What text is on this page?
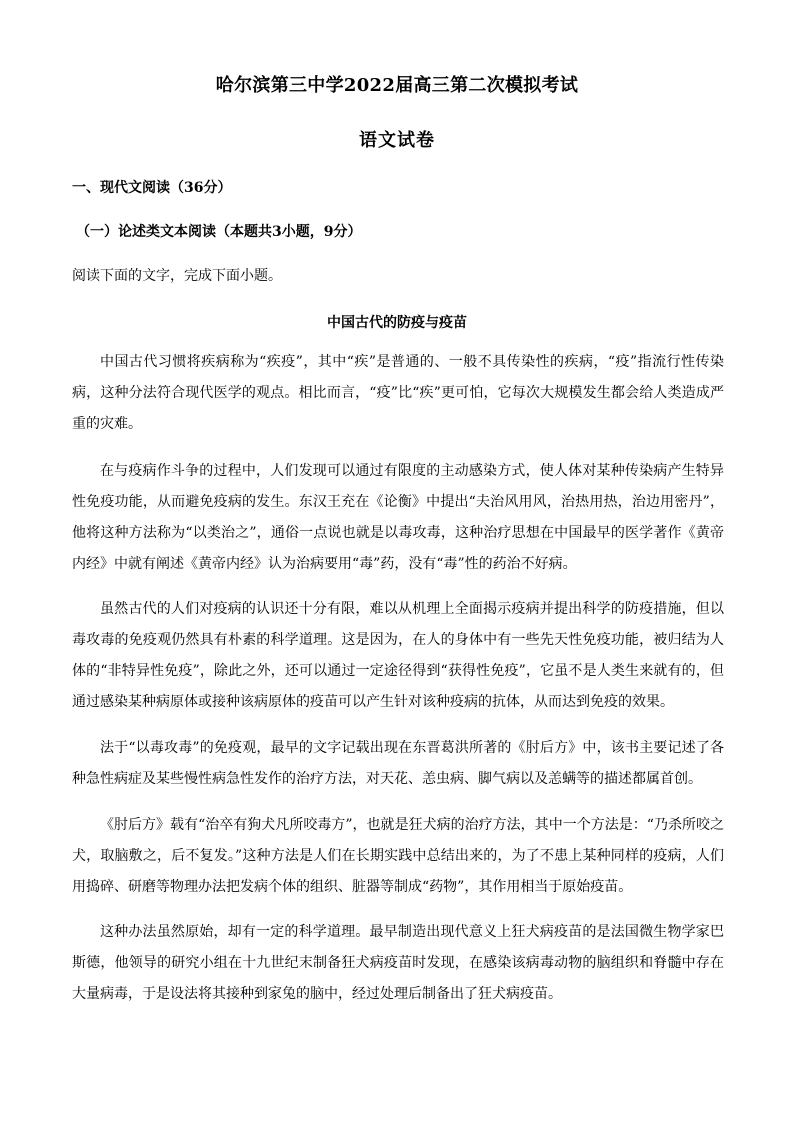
哈尔滨第三中学2022届高三第二次模拟考试
语文试卷
一、现代文阅读（36分）
（一）论述类文本阅读（本题共3小题，9分）
阅读下面的文字，完成下面小题。
中国古代的防疫与疫苗

中国古代习惯将疾病称为“疾疫”，其中“疾”是普通的、一般不具传染性的疾病，“疫”指流行性传染病，这种分法符合现代医学的观点。相比而言，“疫”比“疾”更可怕，它每次大规模发生都会给人类造成严重的灾难。

在与疫病作斗争的过程中，人们发现可以通过有限度的主动感染方式，使人体对某种传染病产生特异性免疫功能，从而避免疫病的发生。东汉王充在《论衡》中提出“夫治风用风，治热用热，治边用密丹”，他将这种方法称为“以类治之”，通俗一点说也就是以毒攻毒，这种治疗思想在中国最早的医学著作《黄帝内经》中就有阐述《黄帝内经》认为治病要用“毒”药，没有“毒”性的药治不好病。

虽然古代的人们对疫病的认识还十分有限，难以从机理上全面揭示疫病并提出科学的防疫措施，但以毒攻毒的免疫观仍然具有朴素的科学道理。这是因为，在人的身体中有一些先天性免疫功能，被归结为人体的“非特异性免疫”，除此之外，还可以通过一定途径得到“获得性免疫”，它虽不是人类生来就有的，但通过感染某种病原体或接种该病原体的疫苗可以产生针对该种疫病的抗体，从而达到免疫的效果。

法于“以毒攻毒”的免疫观，最早的文字记载出现在东晋葛洪所著的《肘后方》中，该书主要记述了各种急性病症及某些慢性病急性发作的治疗方法，对天花、恙虫病、脚气病以及恙螨等的描述都属首创。

《肘后方》载有“治卒有狗犬凡所咬毒方”，也就是狂犬病的治疗方法，其中一个方法是：“乃杀所咬之犬，取脑敷之，后不复发。”这种方法是人们在长期实践中总结出来的，为了不患上某种同样的疫病，人们用捣碎、研磨等物理办法把发病个体的组织、脏器等制成“药物”，其作用相当于原始疫苗。

这种办法虽然原始，却有一定的科学道理。最早制造出现代意义上狂犬病疫苗的是法国微生物学家巴斯德，他领导的研究小组在十九世纪末制备狂犬病疫苗时发现，在感染该病毒动物的脑组织和脊髓中存在大量病毒，于是设法将其接种到家兔的脑中，经过处理后制备出了狂犬病疫苗。
